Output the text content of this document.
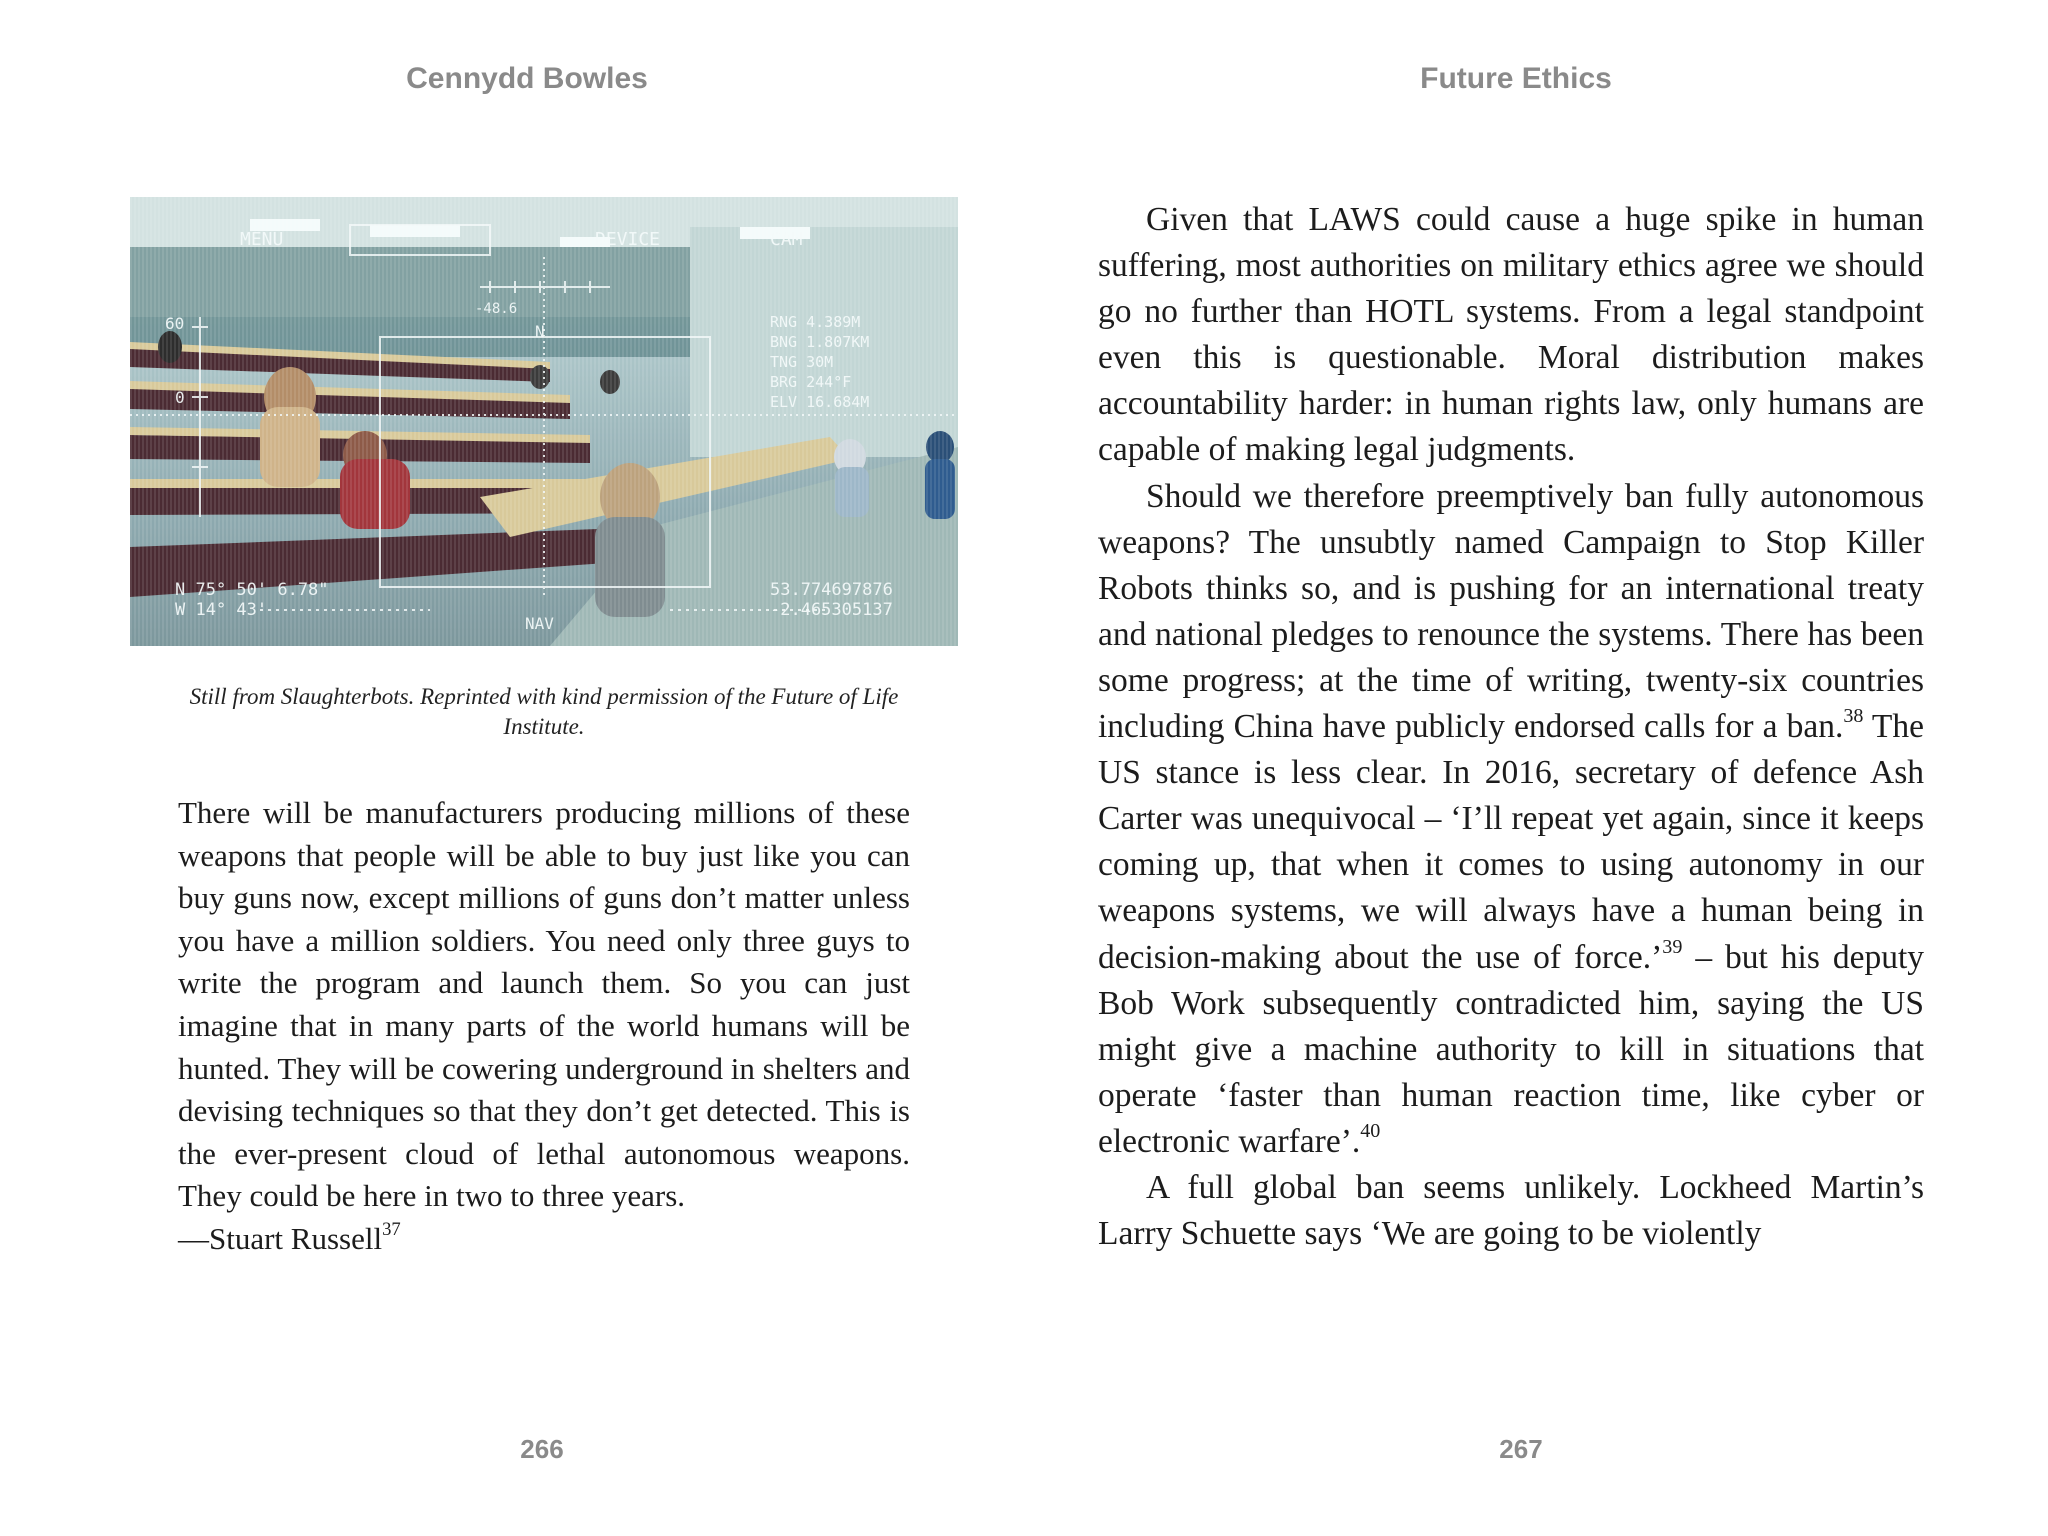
Cennydd Bowles
Still from Slaughterbots. Reprinted with kind permission of the Future of Life Institute.
There will be manufacturers producing millions of these weapons that people will be able to buy just like you can buy guns now, except millions of guns don’t matter unless you have a million soldiers. You need only three guys to write the program and launch them. So you can just imagine that in many parts of the world humans will be hunted. They will be cowering underground in shelters and devising techniques so that they don’t get detected. This is the ever-present cloud of lethal autonomous weapons. They could be here in two to three years.
—Stuart Russell$^{37}$
266
Future Ethics

Given that LAWS could cause a huge spike in human suffering, most authorities on military ethics agree we should go no further than HOTL systems. From a legal standpoint even this is questionable. Moral distribution makes accountability harder: in human rights law, only humans are capable of making legal judgments.

Should we therefore preemptively ban fully autonomous weapons? The unsubtly named Campaign to Stop Killer Robots thinks so, and is pushing for an international treaty and national pledges to renounce the systems. There has been some progress; at the time of writing, twenty-six countries including China have publicly endorsed calls for a ban.$^{38}$ The US stance is less clear. In 2016, secretary of defence Ash Carter was unequivocal – ‘I’ll repeat yet again, since it keeps coming up, that when it comes to using autonomy in our weapons systems, we will always have a human being in decision-making about the use of force.’$^{39}$ – but his deputy Bob Work subsequently contradicted him, saying the US might give a machine authority to kill in situations that operate ‘faster than human reaction time, like cyber or electronic warfare’.$^{40}$

A full global ban seems unlikely. Lockheed Martin’s Larry Schuette says ‘We are going to be violently

267
